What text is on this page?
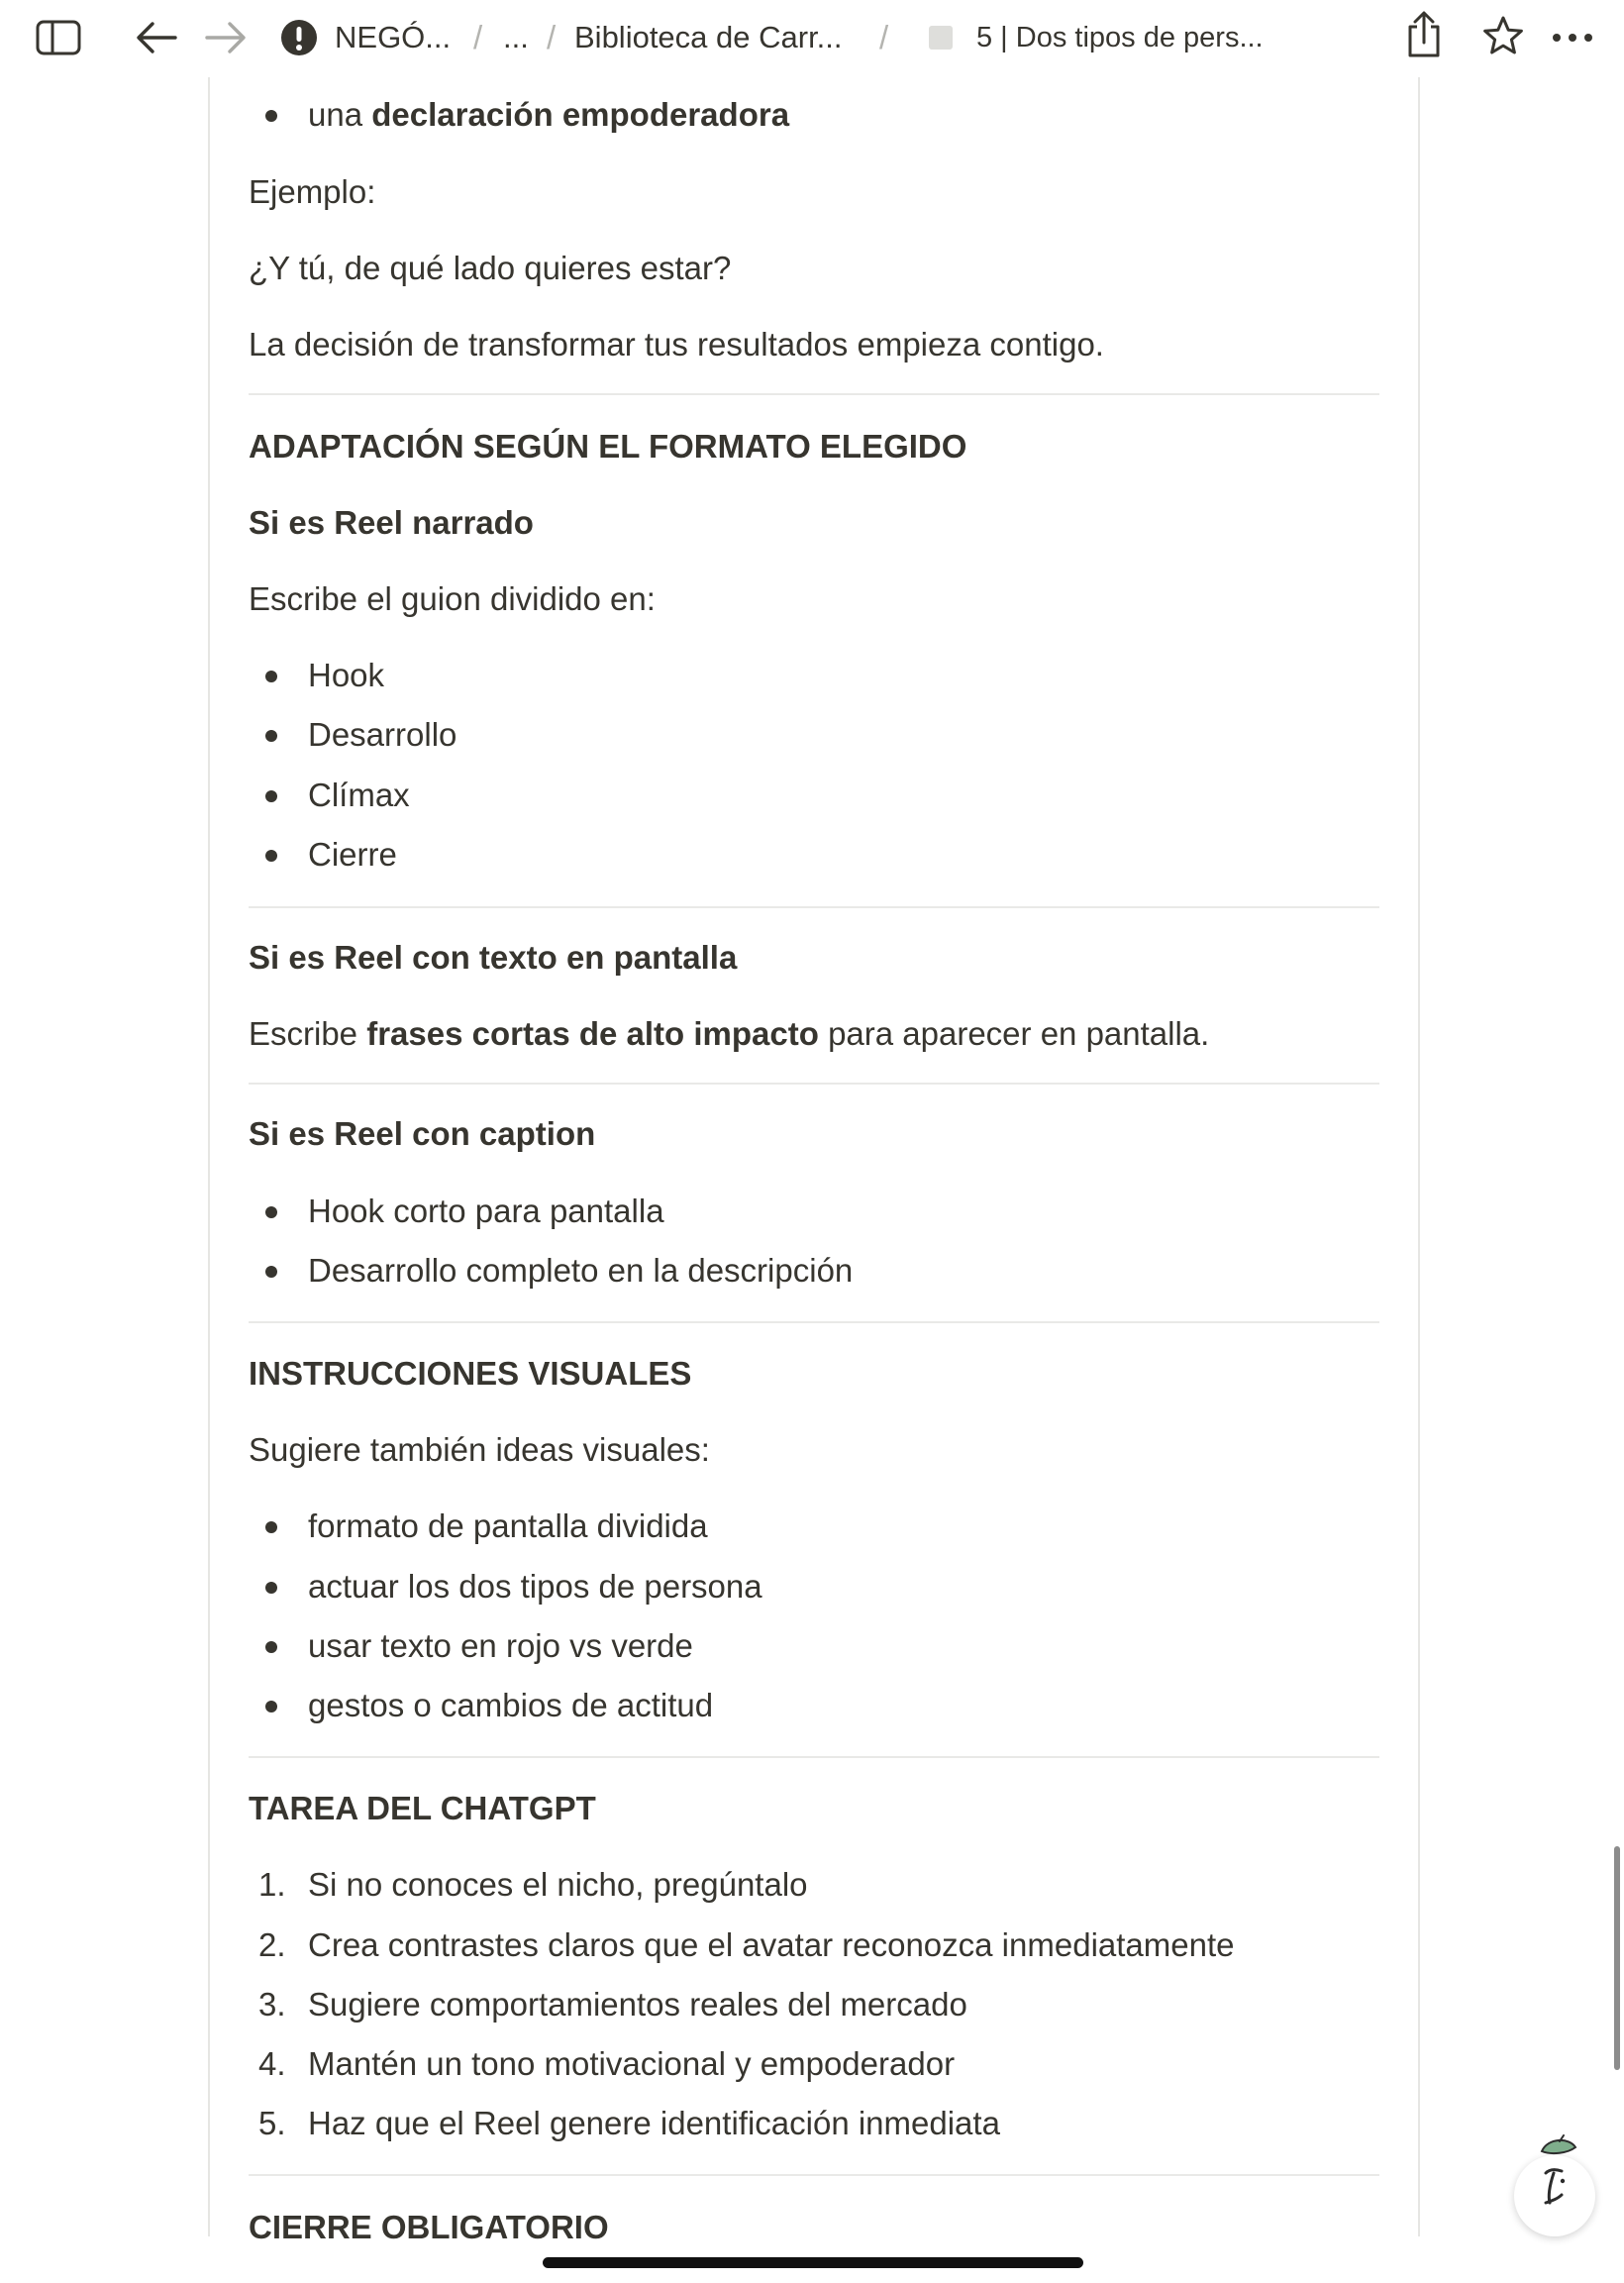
NEGÓ... / ... / Biblioteca de Carr... /	5 | Dos tipos de pers...
una declaración empoderadora

Ejemplo:

¿Y tú, de qué lado quieres estar?

La decisión de transformar tus resultados empieza contigo.

ADAPTACIÓN SEGÚN EL FORMATO ELEGIDO

Si es Reel narrado

Escribe el guion dividido en:

Hook
Desarrollo
Clímax
Cierre

Si es Reel con texto en pantalla

Escribe frases cortas de alto impacto para aparecer en pantalla.

Si es Reel con caption

Hook corto para pantalla
Desarrollo completo en la descripción

INSTRUCCIONES VISUALES

Sugiere también ideas visuales:

formato de pantalla dividida
actuar los dos tipos de persona
usar texto en rojo vs verde
gestos o cambios de actitud

TAREA DEL CHATGPT

1. Si no conoces el nicho, pregúntalo
2. Crea contrastes claros que el avatar reconozca inmediatamente
3. Sugiere comportamientos reales del mercado
4. Mantén un tono motivacional y empoderador
5. Haz que el Reel genere identificación inmediata

CIERRE OBLIGATORIO
